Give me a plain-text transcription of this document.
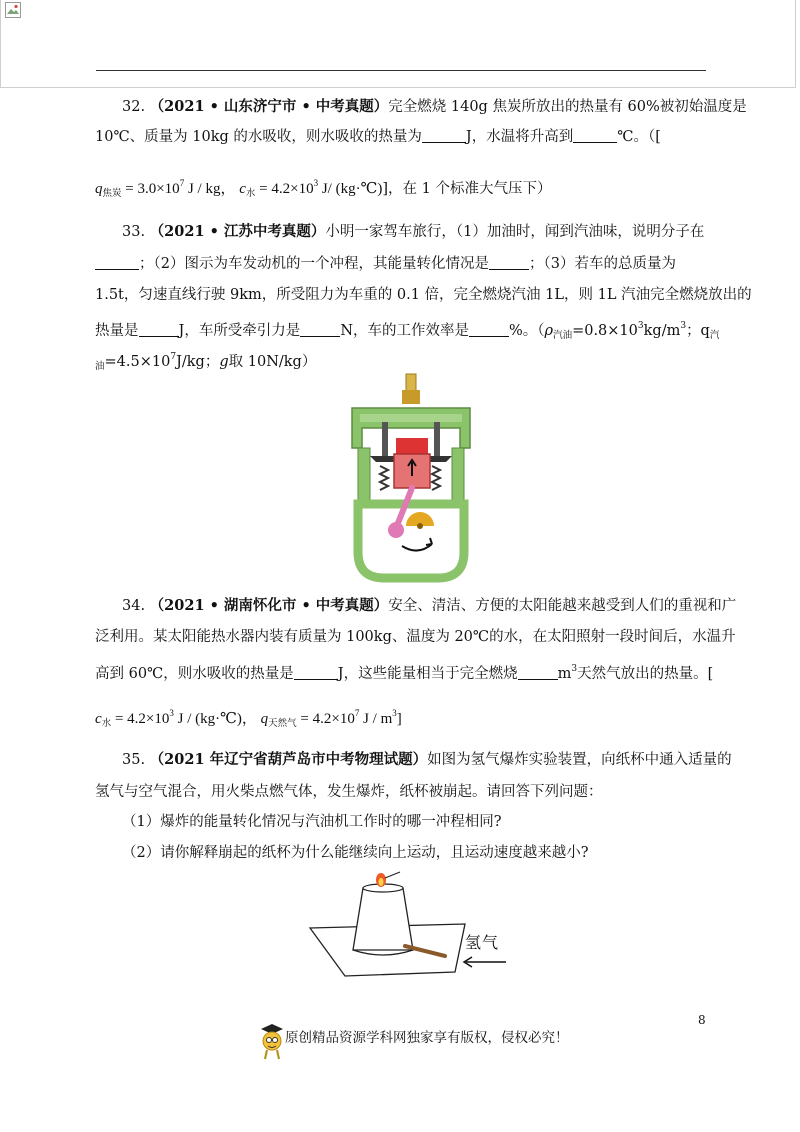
32. （2021 • 山东济宁市 • 中考真题）完全燃烧 140g 焦炭所放出的热量有 60%被初始温度是
10℃、质量为 10kg 的水吸收，则水吸收的热量为	J，水温将升高到	℃。（[
$q_{焦炭} = 3.0\times 10^7$ J / kg， $c_水 = 4.2\times 10^3$ J/ (kg·℃)]，在 1 个标准大气压下）
33. （2021 • 江苏中考真题）小明一家驾车旅行，（1）加油时，闻到汽油味，说明分子在
；（2）图示为车发动机的一个冲程，其能量转化情况是	；（3）若车的总质量为
1.5t，匀速直线行驶 9km，所受阻力为车重的 0.1 倍，完全燃烧汽油 1L，则 1L 汽油完全燃烧放出的
热量是	J，车所受牵引力是	N，车的工作效率是	%。（$\rho_{汽油}=0.8\times 10^3kg/m^3$；$q_汽$
$_油=4.5\times 10^7J/kg$；g取 10N/kg）
34. （2021 • 湖南怀化市 • 中考真题）安全、清洁、方便的太阳能越来越受到人们的重视和广
泛利用。某太阳能热水器内装有质量为 100kg、温度为 20℃的水，在太阳照射一段时间后，水温升
高到 60℃，则水吸收的热量是	J，这些能量相当于完全燃烧	$m^3$天然气放出的热量。[
$c_水 = 4.2\times 10^3$ J / (kg·℃)， $q_{天然气} = 4.2\times 10^7$ J / $m^3$]
35. （2021 年辽宁省葫芦岛市中考物理试题）如图为氢气爆炸实验装置，向纸杯中通入适量的
氢气与空气混合，用火柴点燃气体，发生爆炸，纸杯被崩起。请回答下列问题：
（1）爆炸的能量转化情况与汽油机工作时的哪一冲程相同?
（2）请你解释崩起的纸杯为什么能继续向上运动，且运动速度越来越小?
氢气
8
原创精品资源学科网独家享有版权，侵权必究！
